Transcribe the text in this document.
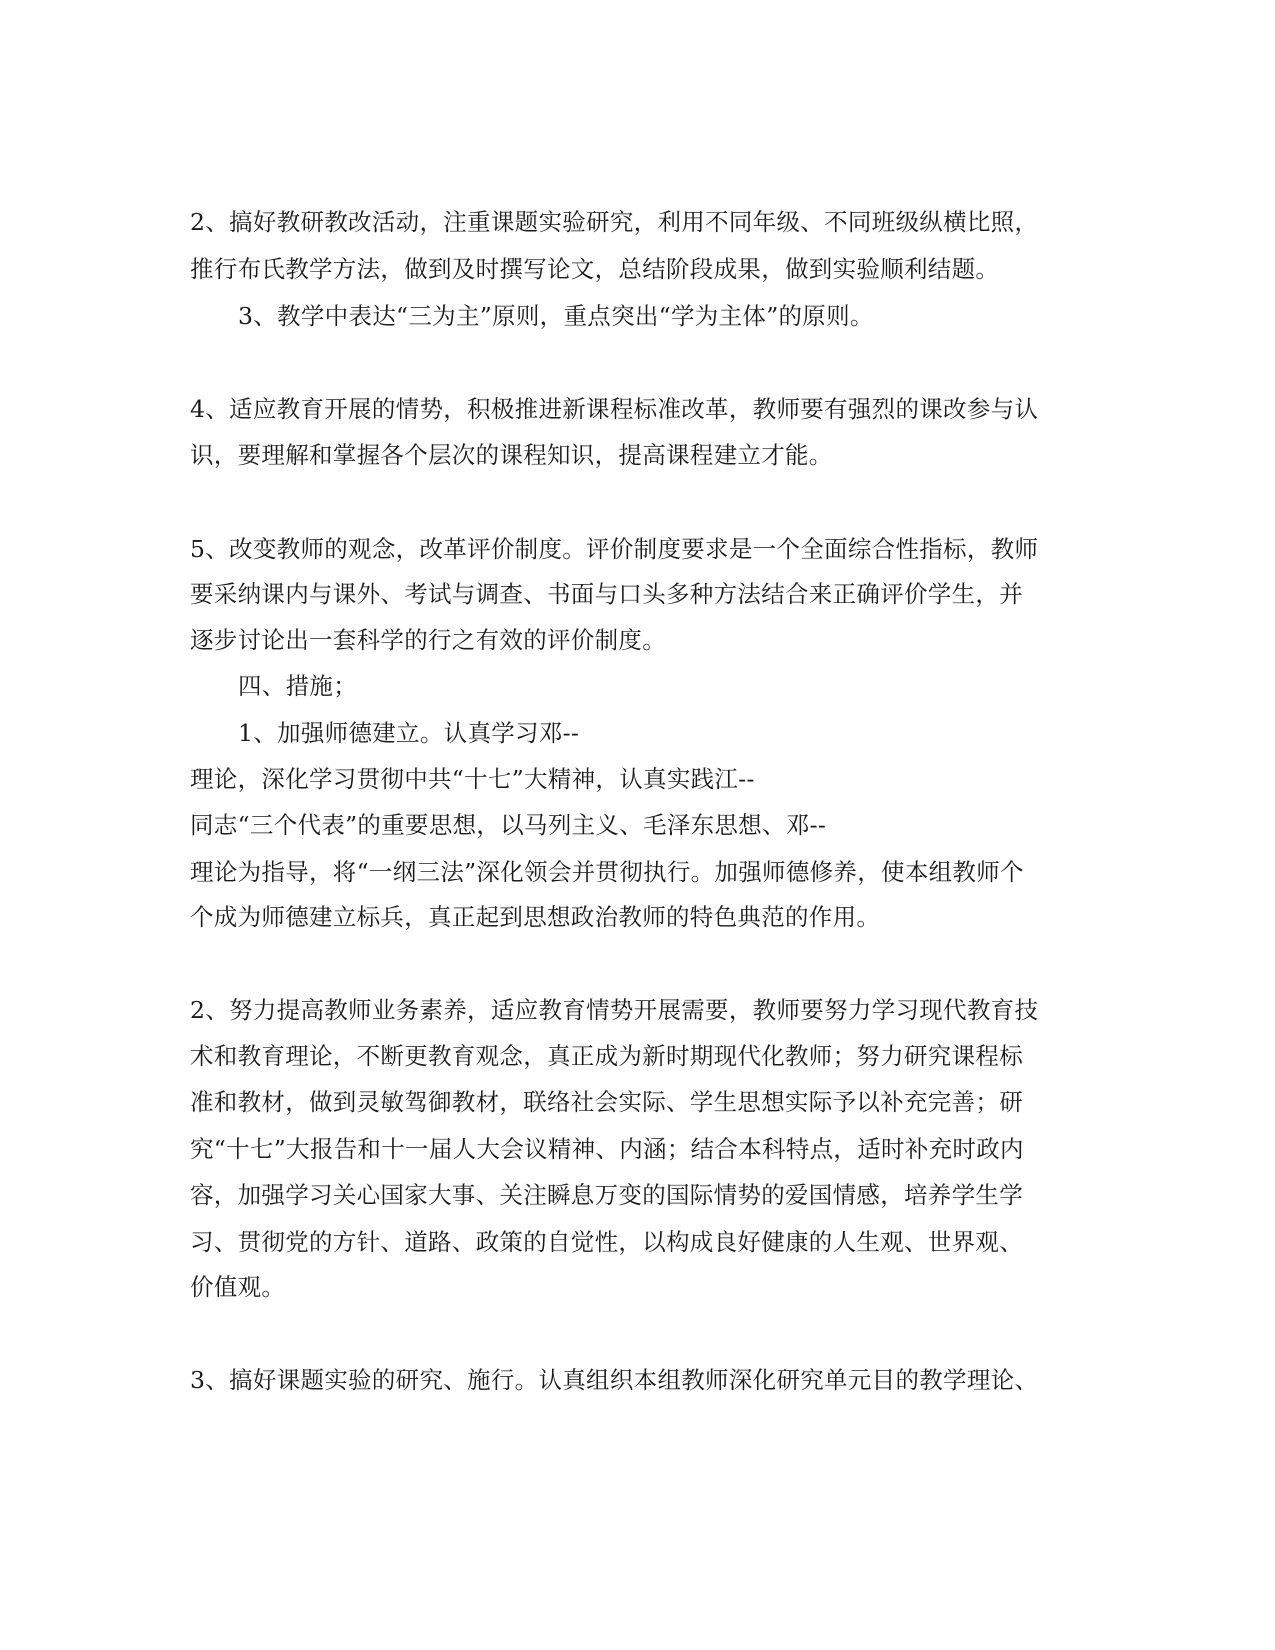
2、搞好教研教改活动，注重课题实验研究，利用不同年级、不同班级纵横比照，
推行布氏教学方法，做到及时撰写论文，总结阶段成果，做到实验顺利结题。
3、教学中表达“三为主”原则，重点突出“学为主体”的原则。
4、适应教育开展的情势，积极推进新课程标准改革，教师要有强烈的课改参与认
识，要理解和掌握各个层次的课程知识，提高课程建立才能。
5、改变教师的观念，改革评价制度。评价制度要求是一个全面综合性指标，教师
要采纳课内与课外、考试与调查、书面与口头多种方法结合来正确评价学生，并
逐步讨论出一套科学的行之有效的评价制度。
四、措施；
1、加强师德建立。认真学习邓--
理论，深化学习贯彻中共“十七”大精神，认真实践江--
同志“三个代表”的重要思想，以马列主义、毛泽东思想、邓--
理论为指导，将“一纲三法”深化领会并贯彻执行。加强师德修养，使本组教师个
个成为师德建立标兵，真正起到思想政治教师的特色典范的作用。
2、努力提高教师业务素养，适应教育情势开展需要，教师要努力学习现代教育技
术和教育理论，不断更教育观念，真正成为新时期现代化教师；努力研究课程标
准和教材，做到灵敏驾御教材，联络社会实际、学生思想实际予以补充完善；研
究“十七”大报告和十一届人大会议精神、内涵；结合本科特点，适时补充时政内
容，加强学习关心国家大事、关注瞬息万变的国际情势的爱国情感，培养学生学
习、贯彻党的方针、道路、政策的自觉性，以构成良好健康的人生观、世界观、
价值观。
3、搞好课题实验的研究、施行。认真组织本组教师深化研究单元目的教学理论、
